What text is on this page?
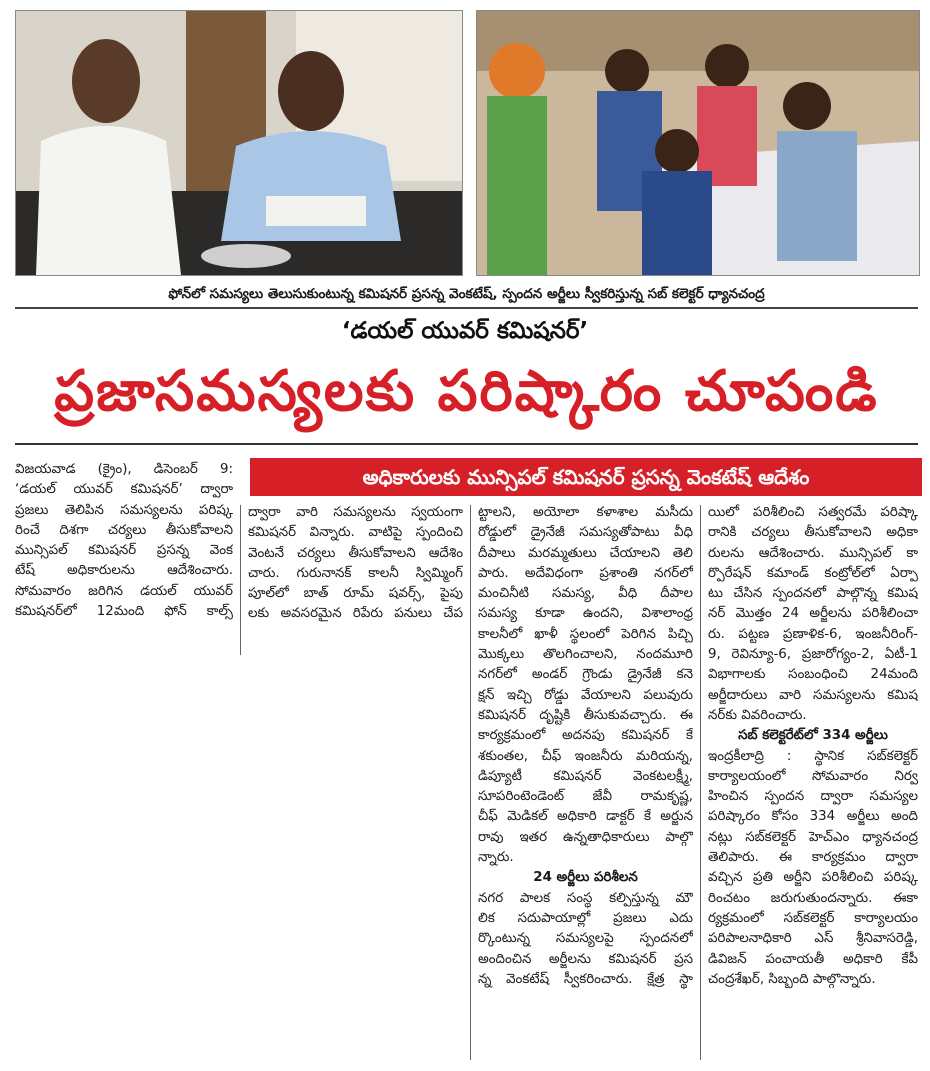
ఫోన్‌లో సమస్యలు తెలుసుకుంటున్న కమిషనర్ ప్రసన్న వెంకటేష్, స్పందన అర్జీలు స్వీకరిస్తున్న సబ్ కలెక్టర్ ధ్యానచంద్ర
‘డయల్ యువర్ కమిషనర్’
ప్రజాసమస్యలకు పరిష్కారం చూపండి
అధికారులకు మున్సిపల్ కమిషనర్ ప్రసన్న వెంకటేష్ ఆదేశం
విజయవాడ (క్రైం), డిసెంబర్ 9:
‘డయల్ యువర్ కమిషనర్’ ద్వారా
ప్రజలు తెలిపిన సమస్యలను పరిష్క
రించే దిశగా చర్యలు తీసుకోవాలని
మున్సిపల్ కమిషనర్ ప్రసన్న వెంక
టేష్ అధికారులను ఆదేశించారు.
సోమవారం జరిగిన డయల్ యువర్
కమిషనర్‌లో 12మంది ఫోన్ కాల్స్
ద్వారా వారి సమస్యలను స్వయంగా
కమిషనర్ విన్నారు. వాటిపై స్పందించి
వెంటనే చర్యలు తీసుకోవాలని ఆదేశిం
చారు. గురునానక్ కాలనీ స్విమ్మింగ్
పూల్‌లో బాత్ రూమ్ షవర్స్, పైపు
లకు అవసరమైన రిపేరు పనులు చేప
ట్టాలని, అయోలా కళాశాల మసీదు
రోడ్డులో డ్రైనేజీ సమస్యతోపాటు వీధి
దీపాలు మరమ్మతులు చేయాలని తెలి
పారు. అదేవిధంగా ప్రశాంతి నగర్‌లో
మంచినీటి సమస్య, వీధి దీపాల
సమస్య కూడా ఉందని, విశాలాంధ్ర
కాలనీలో ఖాళీ స్థలంలో పెరిగిన పిచ్చి
మొక్కలు తొలగించాలని, నందమూరి
నగర్‌లో అండర్ గ్రౌండు డ్రైనేజీ కనె
క్షన్ ఇచ్చి రోడ్డు వేయాలని పలువురు
కమిషనర్ దృష్టికి తీసుకువచ్చారు. ఈ
కార్యక్రమంలో అదనపు కమిషనర్ కే
శకుంతల, చీఫ్ ఇంజనీరు మరియన్న,
డిప్యూటీ కమిషనర్ వెంకటలక్ష్మీ,
సూపరింటెండెంట్ జేవీ రామకృష్ణ,
చీఫ్ మెడికల్ అధికారి డాక్టర్ కే అర్జున
రావు ఇతర ఉన్నతాధికారులు పాల్గొ
న్నారు.
24 అర్జీలు పరిశీలన
నగర పాలక సంస్థ కల్పిస్తున్న మౌ
లిక సదుపాయాల్లో ప్రజలు ఎదు
ర్కొంటున్న సమస్యలపై స్పందనలో
అందించిన అర్జీలను కమిషనర్ ప్రస
న్న వెంకటేష్ స్వీకరించారు. క్షేత్ర స్థా
యిలో పరిశీలించి సత్వరమే పరిష్కా
రానికి చర్యలు తీసుకోవాలని అధికా
రులను ఆదేశించారు. మున్సిపల్ కా
ర్పొరేషన్ కమాండ్ కంట్రోల్‌లో ఏర్పా
టు చేసిన స్పందనలో పాల్గొన్న కమిష
నర్ మొత్తం 24 అర్జీలను పరిశీలించా
రు. పట్టణ ప్రణాళిక-6, ఇంజనీరింగ్-
9, రెవిన్యూ-6, ప్రజారోగ్యం-2, ఏటీ-1
విభాగాలకు సంబంధించి 24మంది
అర్జీదారులు వారి సమస్యలను కమిష
నర్‌కు వివరించారు.
సబ్ కలెక్టరేట్‌లో 334 అర్జీలు
ఇంద్రకీలాద్రి : స్థానిక సబ్‌కలెక్టర్
కార్యాలయంలో సోమవారం నిర్వ
హించిన స్పందన ద్వారా సమస్యల
పరిష్కారం కోసం 334 అర్జీలు అంది
నట్లు సబ్‌కలెక్టర్ హెచ్‌ఎం ధ్యానచంద్ర
తెలిపారు. ఈ కార్యక్రమం ద్వారా
వచ్చిన ప్రతి అర్జీని పరిశీలించి పరిష్క
రించటం జరుగుతుందన్నారు. ఈకా
ర్యక్రమంలో సబ్‌కలెక్టర్ కార్యాలయం
పరిపాలనాధికారి ఎస్ శ్రీనివాసరెడ్డి,
డివిజన్ పంచాయతీ అధికారి కేపీ
చంద్రశేఖర్, సిబ్బంది పాల్గొన్నారు.
